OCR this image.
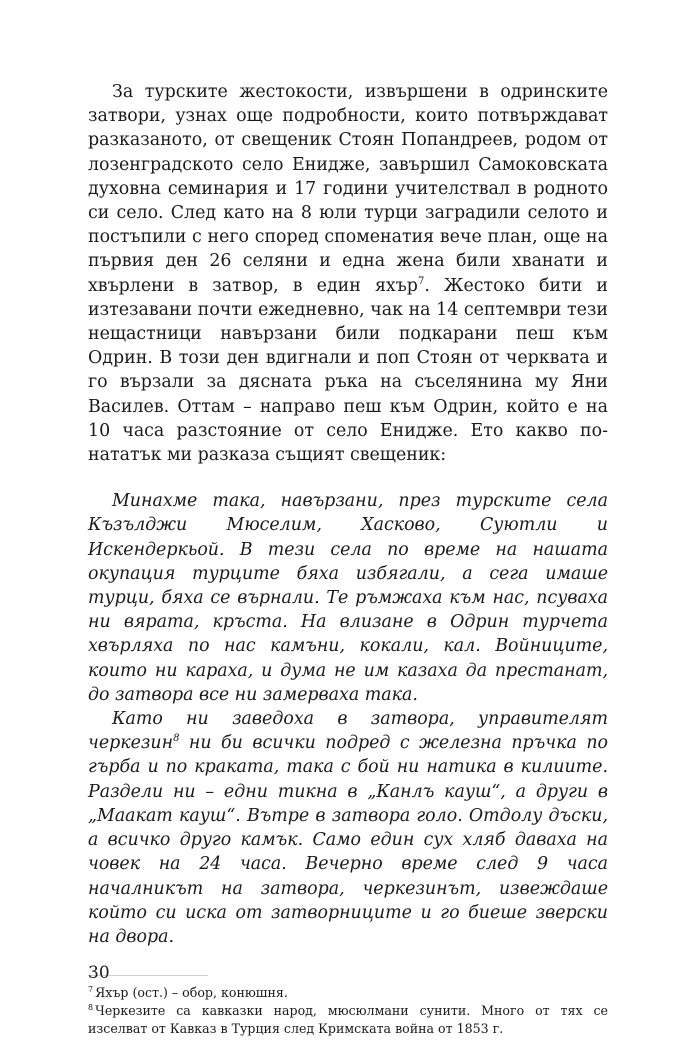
За турските жестокости, извършени в одринските затвори, узнах още подробности, които потвърждават разказаното, от свещеник Стоян Попандреев, родом от лозенградското село Енидже, завършил Самоковската духовна семинария и 17 години учителствал в родното си село. След като на 8 юли турци заградили селото и постъпили с него според споменатия вече план, още на първия ден 26 селяни и една жена били хванати и хвърлени в затвор, в един яхър$^7$. Жестоко бити и изтезавани почти ежедневно, чак на 14 септември тези нещастници навързани били подкарани пеш към Одрин. В този ден вдигнали и поп Стоян от черквата и го вързали за дясната ръка на съселянина му Яни Василев. Оттам – направо пеш към Одрин, който е на 10 часа разстояние от село Енидже. Ето какво по-нататък ми разказа същият свещеник:

Минахме така, навързани, през турските села Къзълджи Мюселим, Хасково, Суютли и Искендеркьой. В тези села по време на нашата окупация турците бяха избягали, а сега имаше турци, бяха се върнали. Те ръмжаха към нас, псуваха ни вярата, кръста. На влизане в Одрин турчета хвърляха по нас камъни, кокали, кал. Войниците, които ни караха, и дума не им казаха да престанат, до затвора все ни замерваха така.

Като ни заведоха в затвора, управителят черкезин$^8$ ни би всички подред с железна пръчка по гърба и по краката, така с бой ни натика в килиите. Раздели ни – едни тикна в „Канлъ кауш“, а други в „Маакат кауш“. Вътре в затвора голо. Отдолу дъски, а всичко друго камък. Само един сух хляб даваха на човек на 24 часа. Вечерно време след 9 часа началникът на затвора, черкезинът, извеждаше който си иска от затворниците и го биеше зверски на двора.

$^7$ Яхър (ост.) – обор, конюшня.

$^8$ Черкезите са кавказки народ, мюсюлмани сунити. Много от тях се изселват от Кавказ в Турция след Кримската война от 1853 г.

30
